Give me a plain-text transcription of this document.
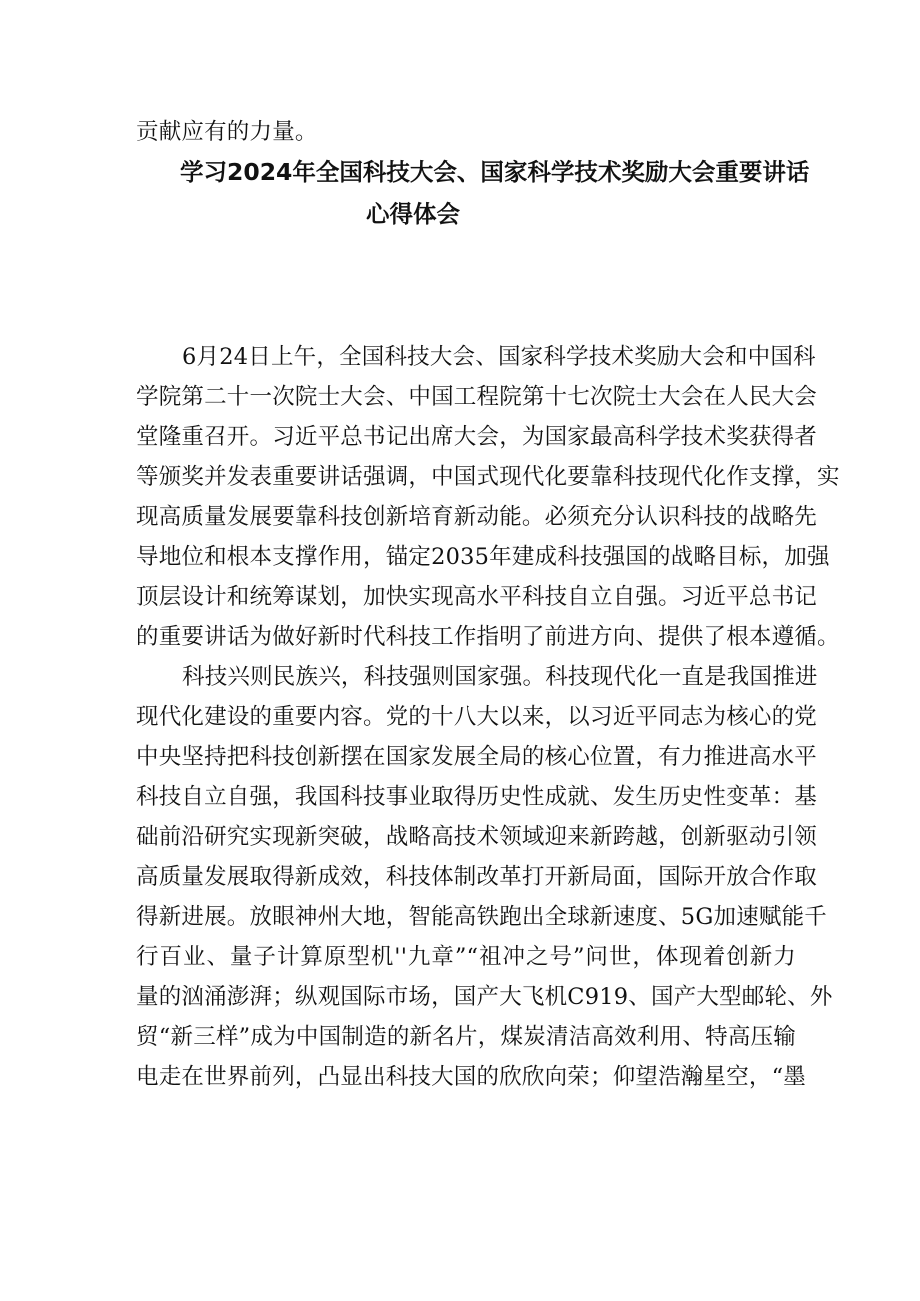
贡献应有的力量。
学习2024年全国科技大会、国家科学技术奖励大会重要讲话
心得体会
6月24日上午，全国科技大会、国家科学技术奖励大会和中国科
学院第二十一次院士大会、中国工程院第十七次院士大会在人民大会
堂隆重召开。习近平总书记出席大会，为国家最高科学技术奖获得者
等颁奖并发表重要讲话强调，中国式现代化要靠科技现代化作支撑，实
现高质量发展要靠科技创新培育新动能。必须充分认识科技的战略先
导地位和根本支撑作用，锚定2035年建成科技强国的战略目标，加强
顶层设计和统筹谋划，加快实现高水平科技自立自强。习近平总书记
的重要讲话为做好新时代科技工作指明了前进方向、提供了根本遵循。
科技兴则民族兴，科技强则国家强。科技现代化一直是我国推进
现代化建设的重要内容。党的十八大以来，以习近平同志为核心的党
中央坚持把科技创新摆在国家发展全局的核心位置，有力推进高水平
科技自立自强，我国科技事业取得历史性成就、发生历史性变革：基
础前沿研究实现新突破，战略高技术领域迎来新跨越，创新驱动引领
高质量发展取得新成效，科技体制改革打开新局面，国际开放合作取
得新进展。放眼神州大地，智能高铁跑出全球新速度、5G加速赋能千
行百业、量子计算原型机''九章”“祖冲之号”问世，体现着创新力
量的汹涌澎湃；纵观国际市场，国产大飞机C919、国产大型邮轮、外
贸“新三样”成为中国制造的新名片，煤炭清洁高效利用、特高压输
电走在世界前列，凸显出科技大国的欣欣向荣；仰望浩瀚星空，“墨
